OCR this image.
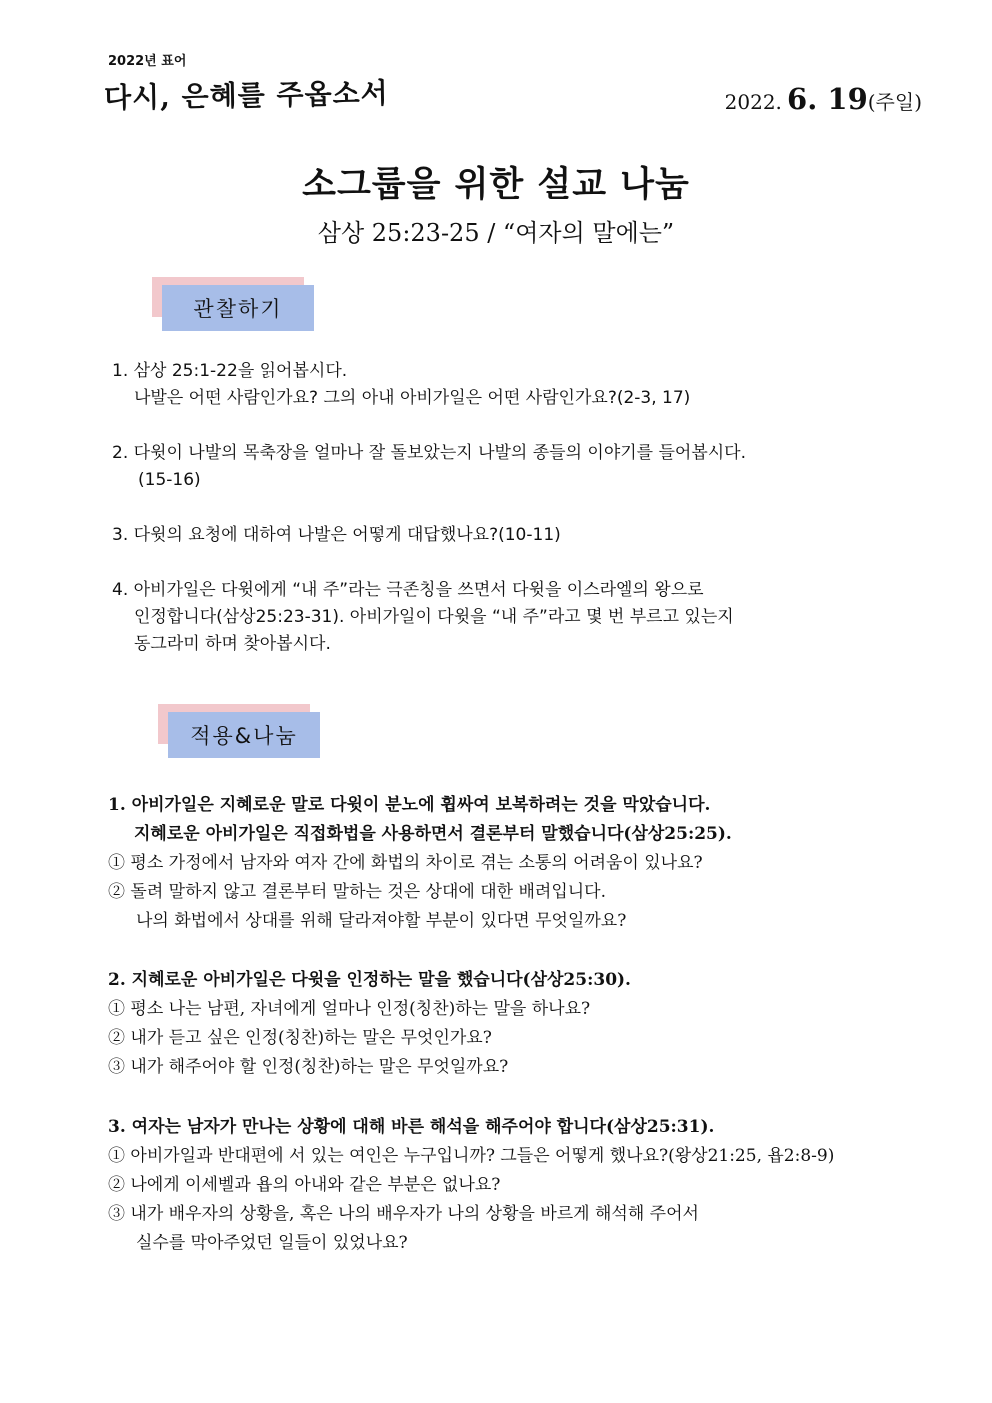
2022년 표어
다시, 은혜를 주옵소서	2022. 6. 19(주일)
소그룹을 위한 설교 나눔
삼상 25:23-25 / “여자의 말에는”
관찰하기
1. 삼상 25:1-22을 읽어봅시다.
나발은 어떤 사람인가요? 그의 아내 아비가일은 어떤 사람인가요?(2-3, 17)
2. 다윗이 나발의 목축장을 얼마나 잘 돌보았는지 나발의 종들의 이야기를 들어봅시다.
(15-16)
3. 다윗의 요청에 대하여 나발은 어떻게 대답했나요?(10-11)
4. 아비가일은 다윗에게 “내 주”라는 극존칭을 쓰면서 다윗을 이스라엘의 왕으로
인정합니다(삼상25:23-31). 아비가일이 다윗을 “내 주”라고 몇 번 부르고 있는지
동그라미 하며 찾아봅시다.
적용&나눔
1. 아비가일은 지혜로운 말로 다윗이 분노에 휩싸여 보복하려는 것을 막았습니다.
지혜로운 아비가일은 직접화법을 사용하면서 결론부터 말했습니다(삼상25:25).
① 평소 가정에서 남자와 여자 간에 화법의 차이로 겪는 소통의 어려움이 있나요?
② 돌려 말하지 않고 결론부터 말하는 것은 상대에 대한 배려입니다.
나의 화법에서 상대를 위해 달라져야할 부분이 있다면 무엇일까요?
2. 지혜로운 아비가일은 다윗을 인정하는 말을 했습니다(삼상25:30).
① 평소 나는 남편, 자녀에게 얼마나 인정(칭찬)하는 말을 하나요?
② 내가 듣고 싶은 인정(칭찬)하는 말은 무엇인가요?
③ 내가 해주어야 할 인정(칭찬)하는 말은 무엇일까요?
3. 여자는 남자가 만나는 상황에 대해 바른 해석을 해주어야 합니다(삼상25:31).
① 아비가일과 반대편에 서 있는 여인은 누구입니까? 그들은 어떻게 했나요?(왕상21:25, 욥2:8-9)
② 나에게 이세벨과 욥의 아내와 같은 부분은 없나요?
③ 내가 배우자의 상황을, 혹은 나의 배우자가 나의 상황을 바르게 해석해 주어서
실수를 막아주었던 일들이 있었나요?
